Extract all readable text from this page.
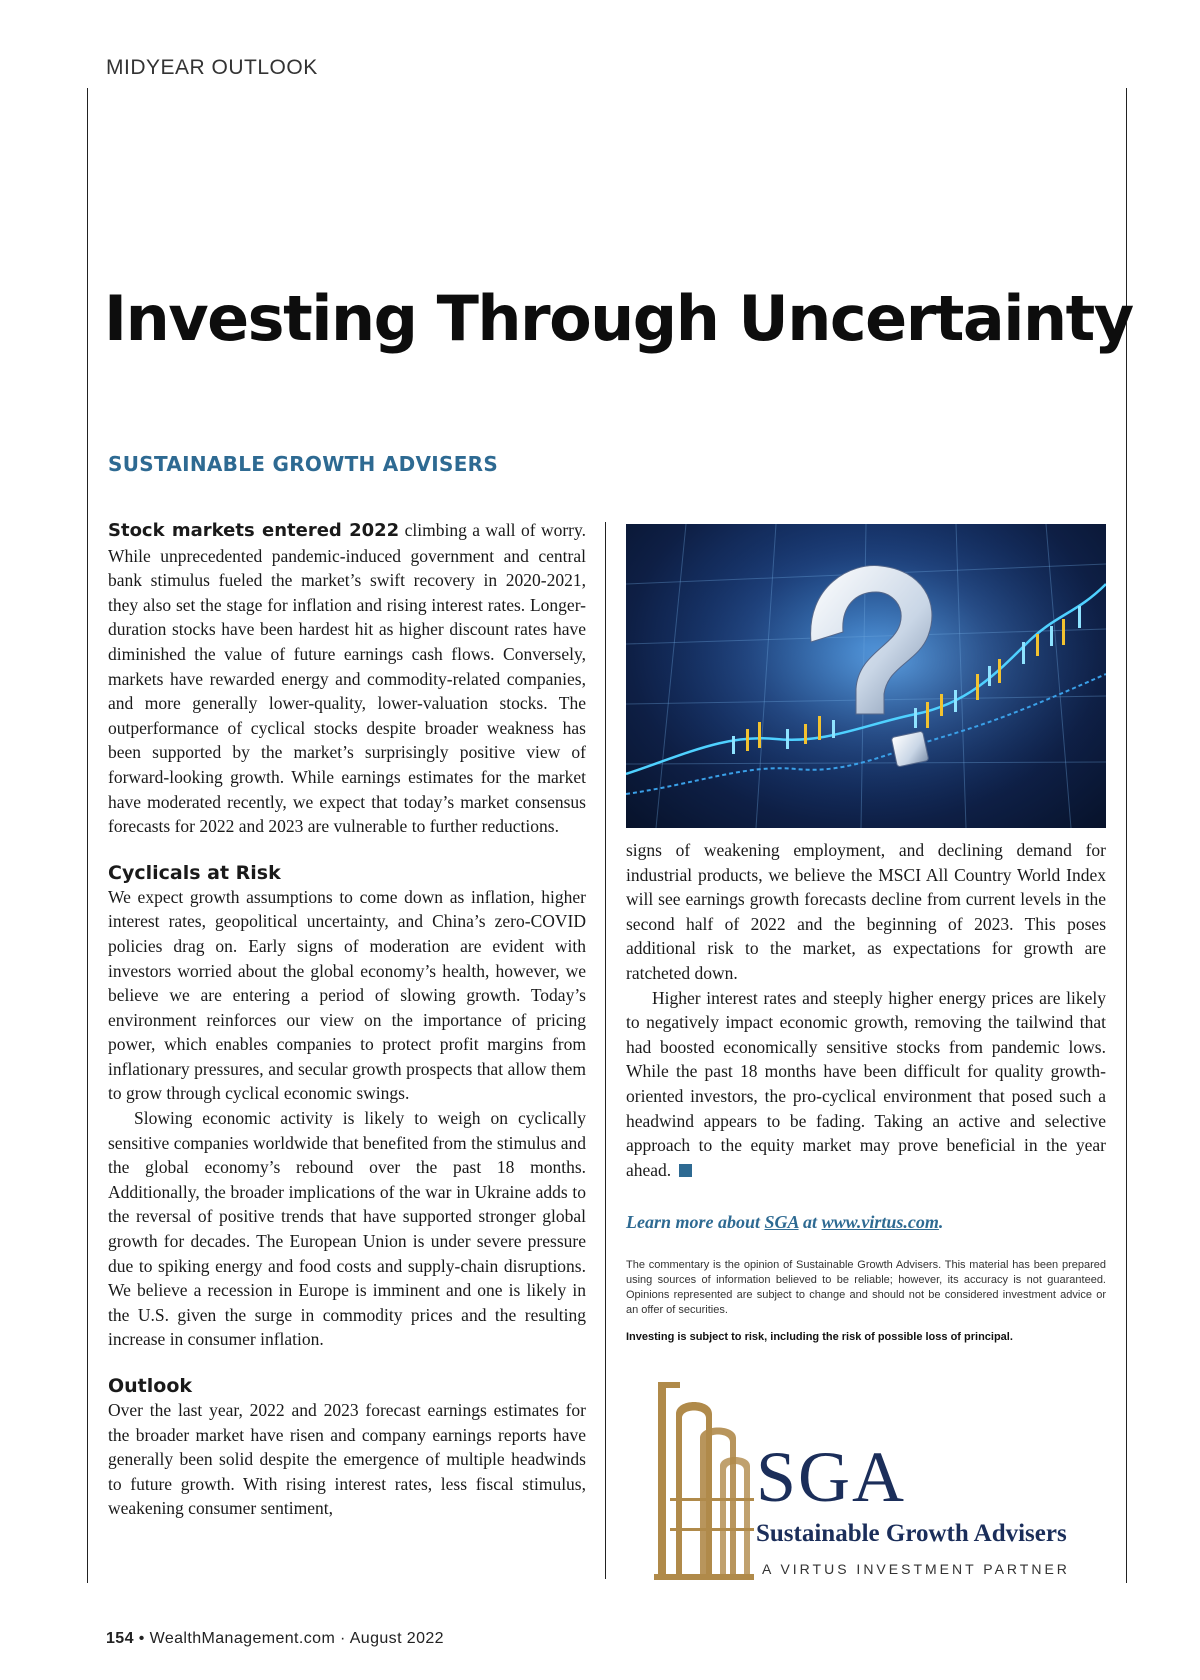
MIDYEAR OUTLOOK
Investing Through Uncertainty
SUSTAINABLE GROWTH ADVISERS

Stock markets entered 2022 climbing a wall of worry. While unprecedented pandemic-induced government and central bank stimulus fueled the market’s swift recovery in 2020-2021, they also set the stage for inflation and rising interest rates. Longer-duration stocks have been hardest hit as higher discount rates have diminished the value of future earnings cash flows. Conversely, markets have rewarded energy and commodity-related companies, and more generally lower-quality, lower-valuation stocks. The outperformance of cyclical stocks despite broader weakness has been supported by the market’s surprisingly positive view of forward-looking growth. While earnings estimates for the market have moderated recently, we expect that today’s market consensus forecasts for 2022 and 2023 are vulnerable to further reductions.

Cyclicals at Risk

We expect growth assumptions to come down as inflation, higher interest rates, geopolitical uncertainty, and China’s zero-COVID policies drag on. Early signs of moderation are evident with investors worried about the global economy’s health, however, we believe we are entering a period of slowing growth. Today’s environment reinforces our view on the importance of pricing power, which enables companies to protect profit margins from inflationary pressures, and secular growth prospects that allow them to grow through cyclical economic swings.

Slowing economic activity is likely to weigh on cyclically sensitive companies worldwide that benefited from the stimulus and the global economy’s rebound over the past 18 months. Additionally, the broader implications of the war in Ukraine adds to the reversal of positive trends that have supported stronger global growth for decades. The European Union is under severe pressure due to spiking energy and food costs and supply-chain disruptions. We believe a recession in Europe is imminent and one is likely in the U.S. given the surge in commodity prices and the resulting increase in consumer inflation.

Outlook

Over the last year, 2022 and 2023 forecast earnings estimates for the broader market have risen and company earnings reports have generally been solid despite the emergence of multiple headwinds to future growth. With rising interest rates, less fiscal stimulus, weakening consumer sentiment,

signs of weakening employment, and declining demand for industrial products, we believe the MSCI All Country World Index will see earnings growth forecasts decline from current levels in the second half of 2022 and the beginning of 2023. This poses additional risk to the market, as expectations for growth are ratcheted down.

Higher interest rates and steeply higher energy prices are likely to negatively impact economic growth, removing the tailwind that had boosted economically sensitive stocks from pandemic lows. While the past 18 months have been difficult for quality growth-oriented investors, the pro-cyclical environment that posed such a headwind appears to be fading. Taking an active and selective approach to the equity market may prove beneficial in the year ahead.

Learn more about SGA at www.virtus.com.
The commentary is the opinion of Sustainable Growth Advisers. This material has been prepared using sources of information believed to be reliable; however, its accuracy is not guaranteed. Opinions represented are subject to change and should not be considered investment advice or an offer of securities.
Investing is subject to risk, including the risk of possible loss of principal.
SGA
Sustainable Growth Advisers
A VIRTUS INVESTMENT PARTNER
154 • WealthManagement.com · August 2022
